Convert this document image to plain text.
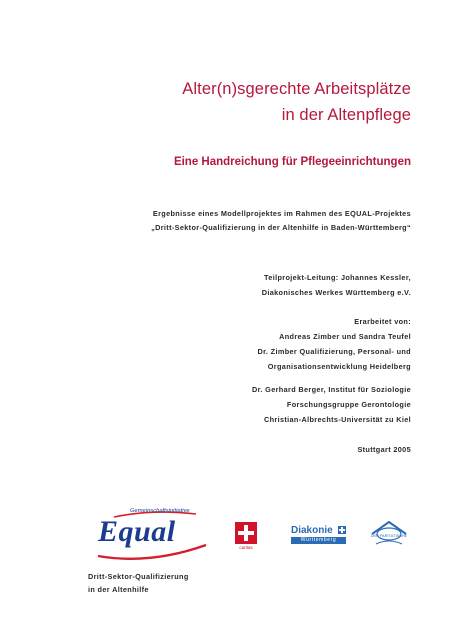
Alter(n)sgerechte Arbeitsplätze
in der Altenpflege
Eine Handreichung für Pflegeeinrichtungen
Ergebnisse eines Modellprojektes im Rahmen des EQUAL-Projektes
„Dritt-Sektor-Qualifizierung in der Altenhilfe in Baden-Württemberg“
Teilprojekt-Leitung: Johannes Kessler,
Diakonisches Werkes Württemberg e.V.
Erarbeitet von:
Andreas Zimber und Sandra Teufel
Dr. Zimber Qualifizierung, Personal- und
Organisationsentwicklung Heidelberg
Dr. Gerhard Berger, Institut für Soziologie
Forschungsgruppe Gerontologie
Christian-Albrechts-Universität zu Kiel
Stuttgart 2005
Gemeinschaftsinitiative
Equal	caritas
Diakonie
Württemberg
DER PARITÄTISCHE
Dritt-Sektor-Qualifizierung
in der Altenhilfe
